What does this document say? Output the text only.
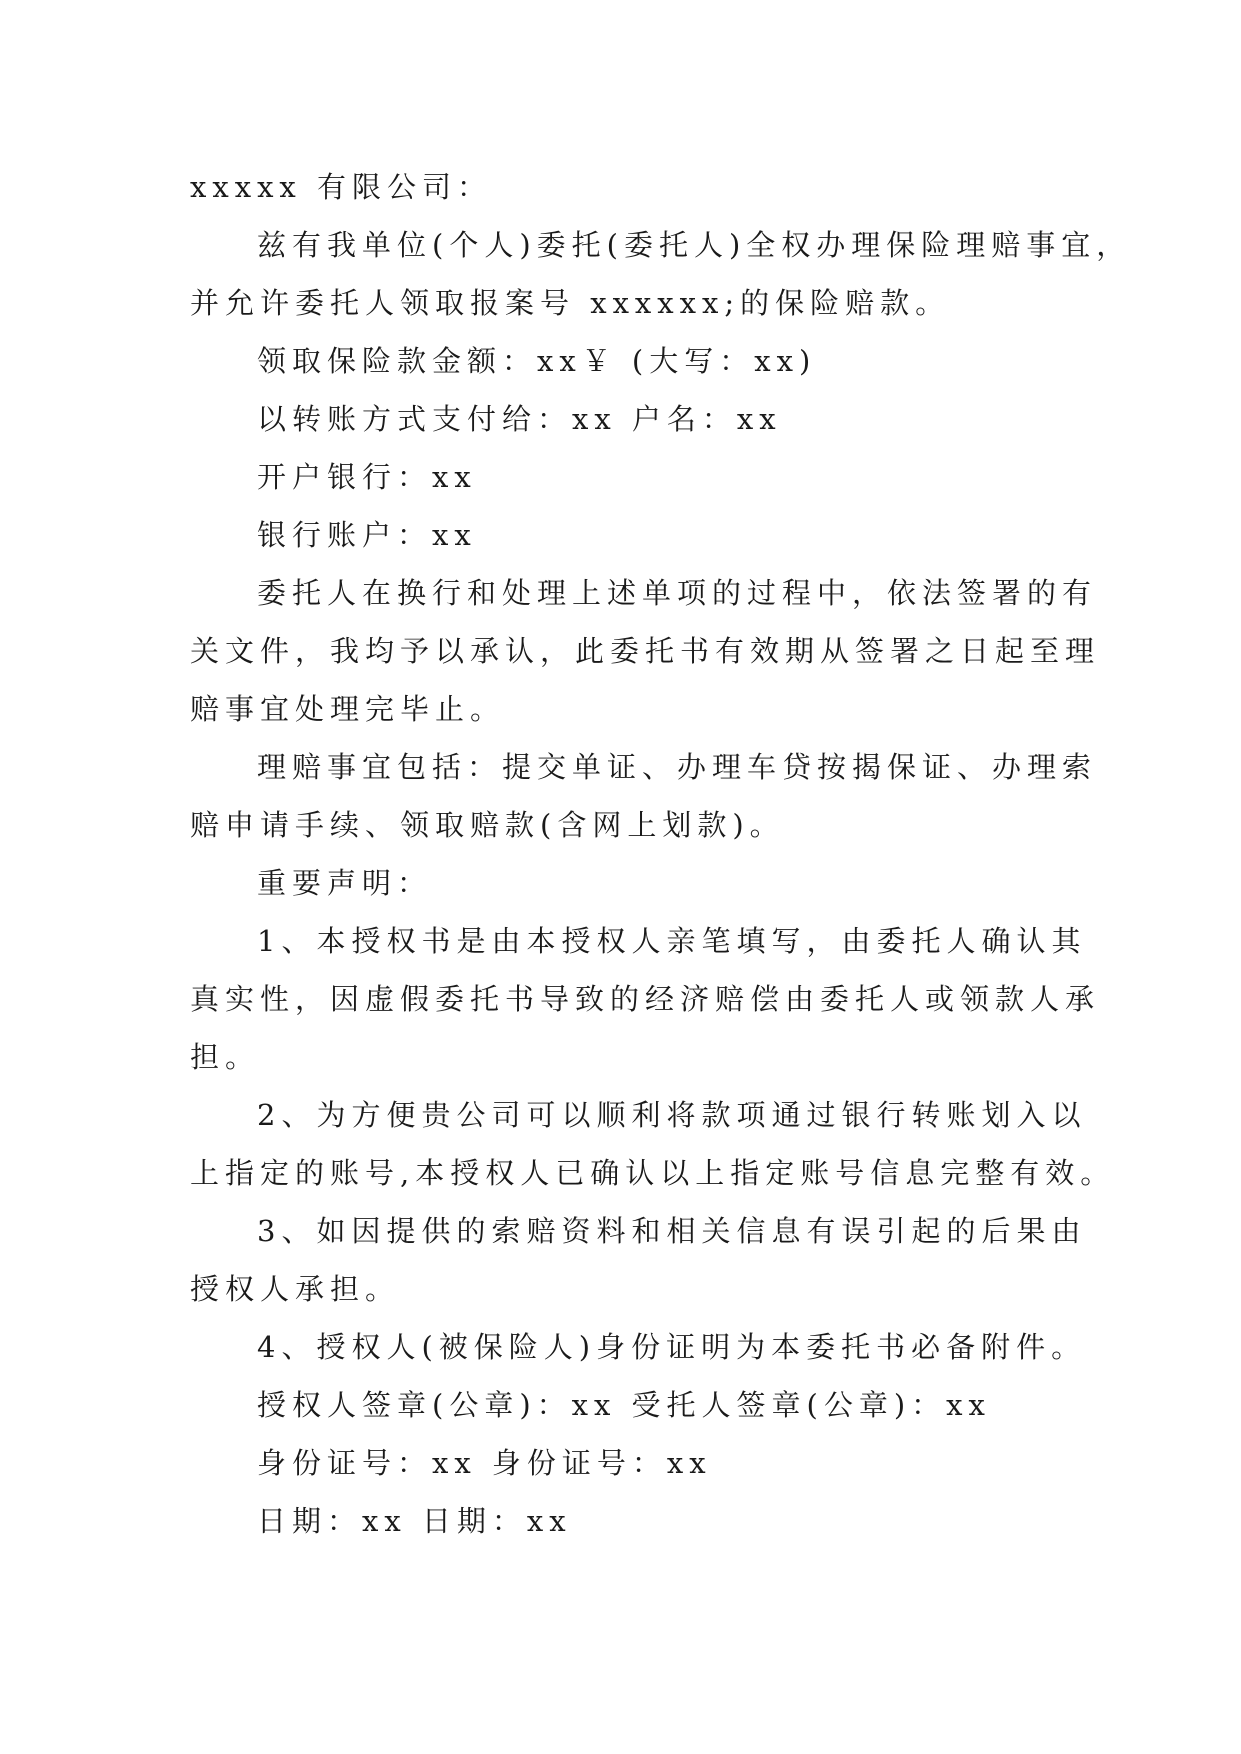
xxxxx 有限公司：

兹有我单位(个人)委托(委托人)全权办理保险理赔事宜，

并允许委托人领取报案号 xxxxxx;的保险赔款。

领取保险款金额：xx￥ (大写：xx)

以转账方式支付给：xx 户名：xx

开户银行：xx

银行账户：xx

委托人在换行和处理上述单项的过程中，依法签署的有

关文件，我均予以承认，此委托书有效期从签署之日起至理

赔事宜处理完毕止。

理赔事宜包括：提交单证、办理车贷按揭保证、办理索

赔申请手续、领取赔款(含网上划款)。

重要声明：

1、本授权书是由本授权人亲笔填写，由委托人确认其

真实性，因虚假委托书导致的经济赔偿由委托人或领款人承

担。

2、为方便贵公司可以顺利将款项通过银行转账划入以

上指定的账号,本授权人已确认以上指定账号信息完整有效。

3、如因提供的索赔资料和相关信息有误引起的后果由

授权人承担。

4、授权人(被保险人)身份证明为本委托书必备附件。

授权人签章(公章)：xx 受托人签章(公章)：xx

身份证号：xx 身份证号：xx

日期：xx 日期：xx
